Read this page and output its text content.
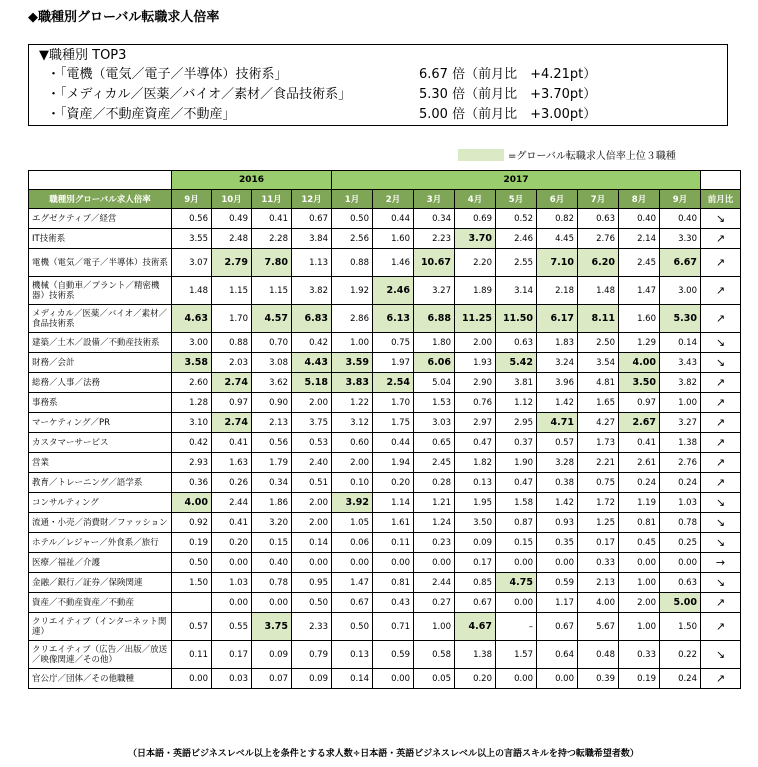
◆職種別グローバル転職求人倍率
▼職種別 TOP3
・「電機（電気／電子／半導体）技術系」	6.67 倍（前月比　+4.21pt）
・「メディカル／医薬／バイオ／素材／食品技術系」	5.30 倍（前月比　+3.70pt）
・「資産／不動産資産／不動産」	5.00 倍（前月比　+3.00pt）
=グローバル転職求人倍率上位３職種
	2016				2017									
職種別グローバル求人倍率	9月	10月	11月	12月	1月	2月	3月	4月	5月	6月	7月	8月	9月	前月比
エグゼクティブ／経営	0.56	0.49	0.41	0.67	0.50	0.44	0.34	0.69	0.52	0.82	0.63	0.40	0.40	↘
IT技術系	3.55	2.48	2.28	3.84	2.56	1.60	2.23	3.70	2.46	4.45	2.76	2.14	3.30	↗
電機（電気／電子／半導体）技術系	3.07	2.79	7.80	1.13	0.88	1.46	10.67	2.20	2.55	7.10	6.20	2.45	6.67	↗
機械（自動車／プラント／精密機器）技術系	1.48	1.15	1.15	3.82	1.92	2.46	3.27	1.89	3.14	2.18	1.48	1.47	3.00	↗
メディカル／医薬／バイオ／素材／食品技術系	4.63	1.70	4.57	6.83	2.86	6.13	6.88	11.25	11.50	6.17	8.11	1.60	5.30	↗
建築／土木／設備／不動産技術系	3.00	0.88	0.70	0.42	1.00	0.75	1.80	2.00	0.63	1.83	2.50	1.29	0.14	↘
財務／会計	3.58	2.03	3.08	4.43	3.59	1.97	6.06	1.93	5.42	3.24	3.54	4.00	3.43	↘
総務／人事／法務	2.60	2.74	3.62	5.18	3.83	2.54	5.04	2.90	3.81	3.96	4.81	3.50	3.82	↗
事務系	1.28	0.97	0.90	2.00	1.22	1.70	1.53	0.76	1.12	1.42	1.65	0.97	1.00	↗
マーケティング／PR	3.10	2.74	2.13	3.75	3.12	1.75	3.03	2.97	2.95	4.71	4.27	2.67	3.27	↗
カスタマーサービス	0.42	0.41	0.56	0.53	0.60	0.44	0.65	0.47	0.37	0.57	1.73	0.41	1.38	↗
営業	2.93	1.63	1.79	2.40	2.00	1.94	2.45	1.82	1.90	3.28	2.21	2.61	2.76	↗
教育／トレーニング／語学系	0.36	0.26	0.34	0.51	0.10	0.20	0.28	0.13	0.47	0.38	0.75	0.24	0.24	↗
コンサルティング	4.00	2.44	1.86	2.00	3.92	1.14	1.21	1.95	1.58	1.42	1.72	1.19	1.03	↘
流通・小売／消費財／ファッション	0.92	0.41	3.20	2.00	1.05	1.61	1.24	3.50	0.87	0.93	1.25	0.81	0.78	↘
ホテル／レジャー／外食系／旅行	0.19	0.20	0.15	0.14	0.06	0.11	0.23	0.09	0.15	0.35	0.17	0.45	0.25	↘
医療／福祉／介護	0.50	0.00	0.40	0.00	0.00	0.00	0.00	0.17	0.00	0.00	0.33	0.00	0.00	→
金融／銀行／証券／保険関連	1.50	1.03	0.78	0.95	1.47	0.81	2.44	0.85	4.75	0.59	2.13	1.00	0.63	↘
資産／不動産資産／不動産		0.00	0.00	0.50	0.67	0.43	0.27	0.67	0.00	1.17	4.00	2.00	5.00	↗
クリエイティブ（インターネット関連）	0.57	0.55	3.75	2.33	0.50	0.71	1.00	4.67	–	0.67	5.67	1.00	1.50	↗
クリエイティブ（広告／出版／放送／映像関連／その他）	0.11	0.17	0.09	0.79	0.13	0.59	0.58	1.38	1.57	0.64	0.48	0.33	0.22	↘
官公庁／団体／その他職種	0.00	0.03	0.07	0.09	0.14	0.00	0.05	0.20	0.00	0.00	0.39	0.19	0.24	↗
（日本語・英語ビジネスレベル以上を条件とする求人数÷日本語・英語ビジネスレベル以上の言語スキルを持つ転職希望者数）
